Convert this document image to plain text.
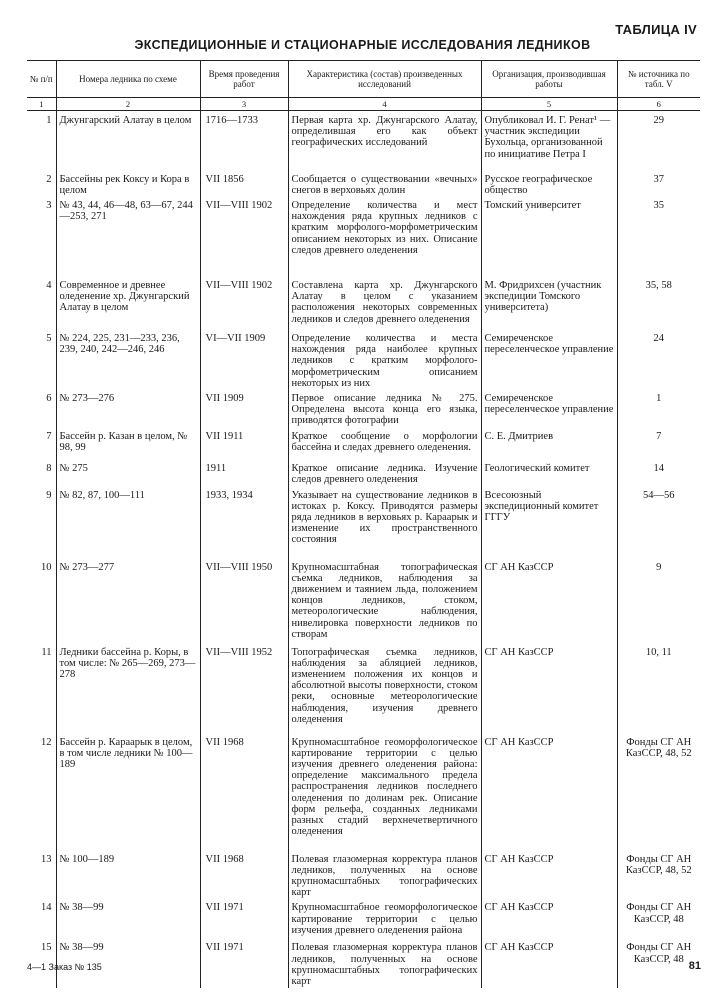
ТАБЛИЦА IV
ЭКСПЕДИЦИОННЫЕ И СТАЦИОНАРНЫЕ ИССЛЕДОВАНИЯ ЛЕДНИКОВ
№ п/п	Номера ледника по схеме	Время проведения работ	Характеристика (состав) произведенных исследований	Организация, производившая работы	№ источника по табл. V
1	2	3	4	5	6
1	Джунгарский Алатау в целом	1716—1733	Первая карта хр. Джунгарского Алатау, определившая его как объект географических исследований	Опубликовал И. Г. Ренат¹ — участник экспедиции Бухольца, организованной по инициативе Петра I	29
2	Бассейны рек Коксу и Кора в целом	VII 1856	Сообщается о существовании «вечных» снегов в верховьях долин	Русское географическое общество	37
3	№ 43, 44, 46—48, 63—67, 244—253, 271	VII—VIII 1902	Определение количества и мест нахождения ряда крупных ледников с кратким морфолого-морфометрическим описанием некоторых из них. Описание следов древнего оледенения	Томский университет	35
4	Современное и древнее оледенение хр. Джунгарский Алатау в целом	VII—VIII 1902	Составлена карта хр. Джунгарского Алатау в целом с указанием расположения некоторых современных ледников и следов древнего оледенения	М. Фридрихсен (участник экспедиции Томского университета)	35, 58
5	№ 224, 225, 231—233, 236, 239, 240, 242—246, 246	VI—VII 1909	Определение количества и места нахождения ряда наиболее крупных ледников с кратким морфолого-морфометрическим описанием некоторых из них	Семиреченское переселенческое управление	24
6	№ 273—276	VII 1909	Первое описание ледника № 275. Определена высота конца его языка, приводятся фотографии	Семиреченское переселенческое управление	1
7	Бассейн р. Казан в целом, № 98, 99	VII 1911	Краткое сообщение о морфологии бассейна и следах древнего оледенения.	С. Е. Дмитриев	7
8	№ 275	1911	Краткое описание ледника. Изучение следов древнего оледенения	Геологический комитет	14
9	№ 82, 87, 100—111	1933, 1934	Указывает на существование ледников в истоках р. Коксу. Приводятся размеры ряда ледников в верховьях р. Караарык и изменение их пространственного состояния	Всесоюзный экспедиционный комитет ГГГУ	54—56
10	№ 273—277	VII—VIII 1950	Крупномасштабная топографическая съемка ледников, наблюдения за движением и таянием льда, положением концов ледников, стоком, метеорологические наблюдения, нивелировка поверхности ледников по створам	СГ АН КазССР	9
11	Ледники бассейна р. Коры, в том числе: № 265—269, 273—278	VII—VIII 1952	Топографическая съемка ледников, наблюдения за абляцией ледников, изменением положения их концов и абсолютной высоты поверхности, стоком реки, основные метеорологические наблюдения, изучения древнего оледенения	СГ АН КазССР	10, 11
12	Бассейн р. Караарык в целом, в том числе ледники № 100—189	VII 1968	Крупномасштабное геоморфологическое картирование территории с целью изучения древнего оледенения района: определение максимального предела распространения ледников последнего оледенения по долинам рек. Описание форм рельефа, созданных ледниками разных стадий верхнечетвертичного оледенения	СГ АН КазССР	Фонды СГ АН КазССР, 48, 52
13	№ 100—189	VII 1968	Полевая глазомерная корректура планов ледников, полученных на основе крупномасштабных топографических карт	СГ АН КазССР	Фонды СГ АН КазССР, 48, 52
14	№ 38—99	VII 1971	Крупномасштабное геоморфологическое картирование территории с целью изучения древнего оледенения района	СГ АН КазССР	Фонды СГ АН КазССР, 48
15	№ 38—99	VII 1971	Полевая глазомерная корректура планов ледников, полученных на основе крупномасштабных топографических карт	СГ АН КазССР	Фонды СГ АН КазССР, 48
4—1 Заказ № 135	81
